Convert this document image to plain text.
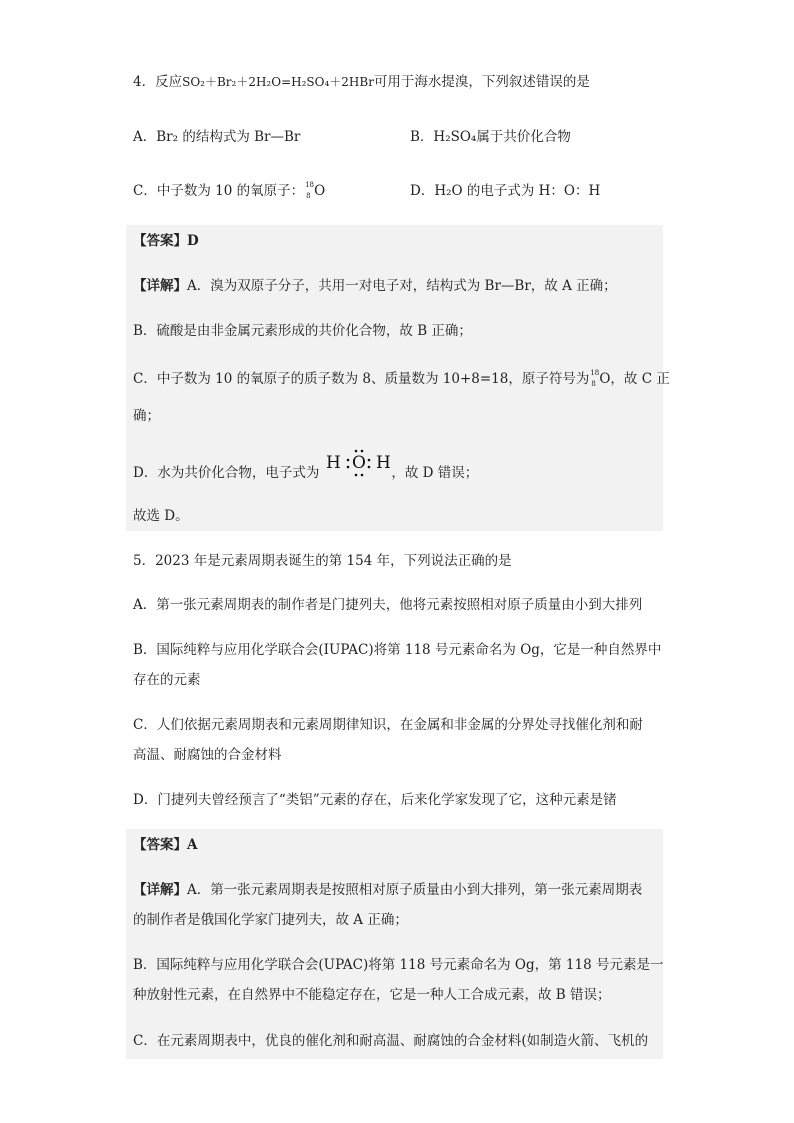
4．反应SO₂＋Br₂＋2H₂O=H₂SO₄＋2HBr可用于海水提溴，下列叙述错误的是
A．Br₂ 的结构式为 Br—Br	B．H₂SO₄属于共价化合物
C．中子数为 10 的氧原子： 18
8 O	D．H₂O 的电子式为 H：O：H
【答案】D
【详解】A．溴为双原子分子，共用一对电子对，结构式为 Br—Br，故 A 正确；
B．硫酸是由非金属元素形成的共价化合物，故 B 正确；
C．中子数为 10 的氧原子的质子数为 8、质量数为 10+8=18，原子符号为 18
8 O，故 C 正
确；
D．水为共价化合物，电子式为	，故 D 错误；
H O H
故选 D。
5．2023 年是元素周期表诞生的第 154 年，下列说法正确的是
A．第一张元素周期表的制作者是门捷列夫，他将元素按照相对原子质量由小到大排列
B．国际纯粹与应用化学联合会(IUPAC)将第 118 号元素命名为 Og，它是一种自然界中
存在的元素
C．人们依据元素周期表和元素周期律知识，在金属和非金属的分界处寻找催化剂和耐
高温、耐腐蚀的合金材料
D．门捷列夫曾经预言了“类铝”元素的存在，后来化学家发现了它，这种元素是锗
【答案】A
【详解】A．第一张元素周期表是按照相对原子质量由小到大排列，第一张元素周期表
的制作者是俄国化学家门捷列夫，故 A 正确；
B．国际纯粹与应用化学联合会(UPAC)将第 118 号元素命名为 Og，第 118 号元素是一
种放射性元素，在自然界中不能稳定存在，它是一种人工合成元素，故 B 错误；
C．在元素周期表中，优良的催化剂和耐高温、耐腐蚀的合金材料(如制造火箭、飞机的
